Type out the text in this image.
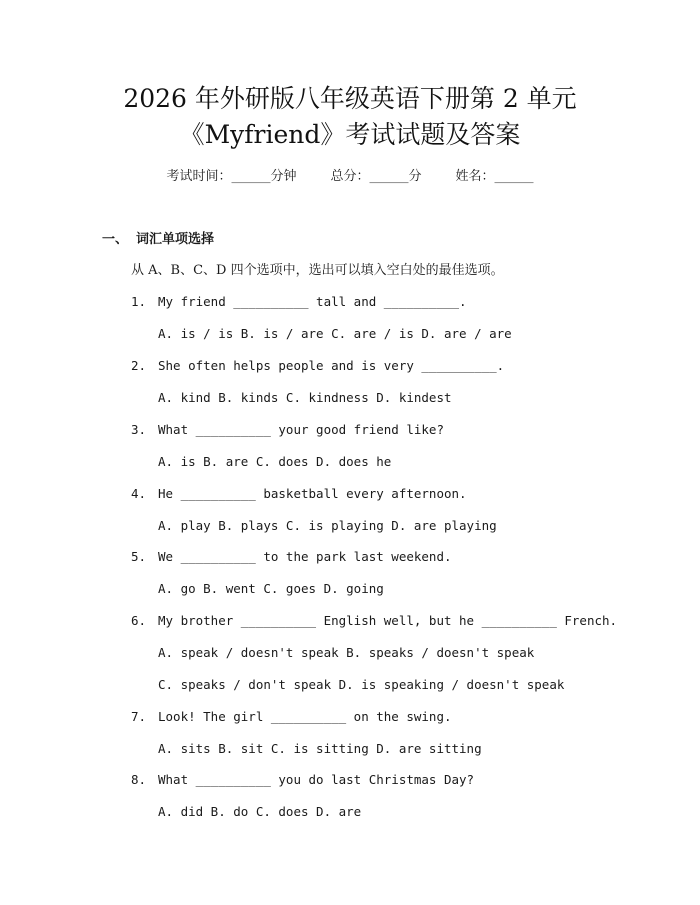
2026 年外研版八年级英语下册第 2 单元
《Myfriend》考试试题及答案
考试时间：______分钟	总分：______分	姓名：______
一、 词汇单项选择
从 A、B、C、D 四个选项中，选出可以填入空白处的最佳选项。
1. My friend __________ tall and __________.
A. is / is B. is / are C. are / is D. are / are
2. She often helps people and is very __________.
A. kind B. kinds C. kindness D. kindest
3. What __________ your good friend like?
A. is B. are C. does D. does he
4. He __________ basketball every afternoon.
A. play B. plays C. is playing D. are playing
5. We __________ to the park last weekend.
A. go B. went C. goes D. going
6. My brother __________ English well, but he __________ French.
A. speak / doesn't speak B. speaks / doesn't speak
C. speaks / don't speak D. is speaking / doesn't speak
7. Look! The girl __________ on the swing.
A. sits B. sit C. is sitting D. are sitting
8. What __________ you do last Christmas Day?
A. did B. do C. does D. are
